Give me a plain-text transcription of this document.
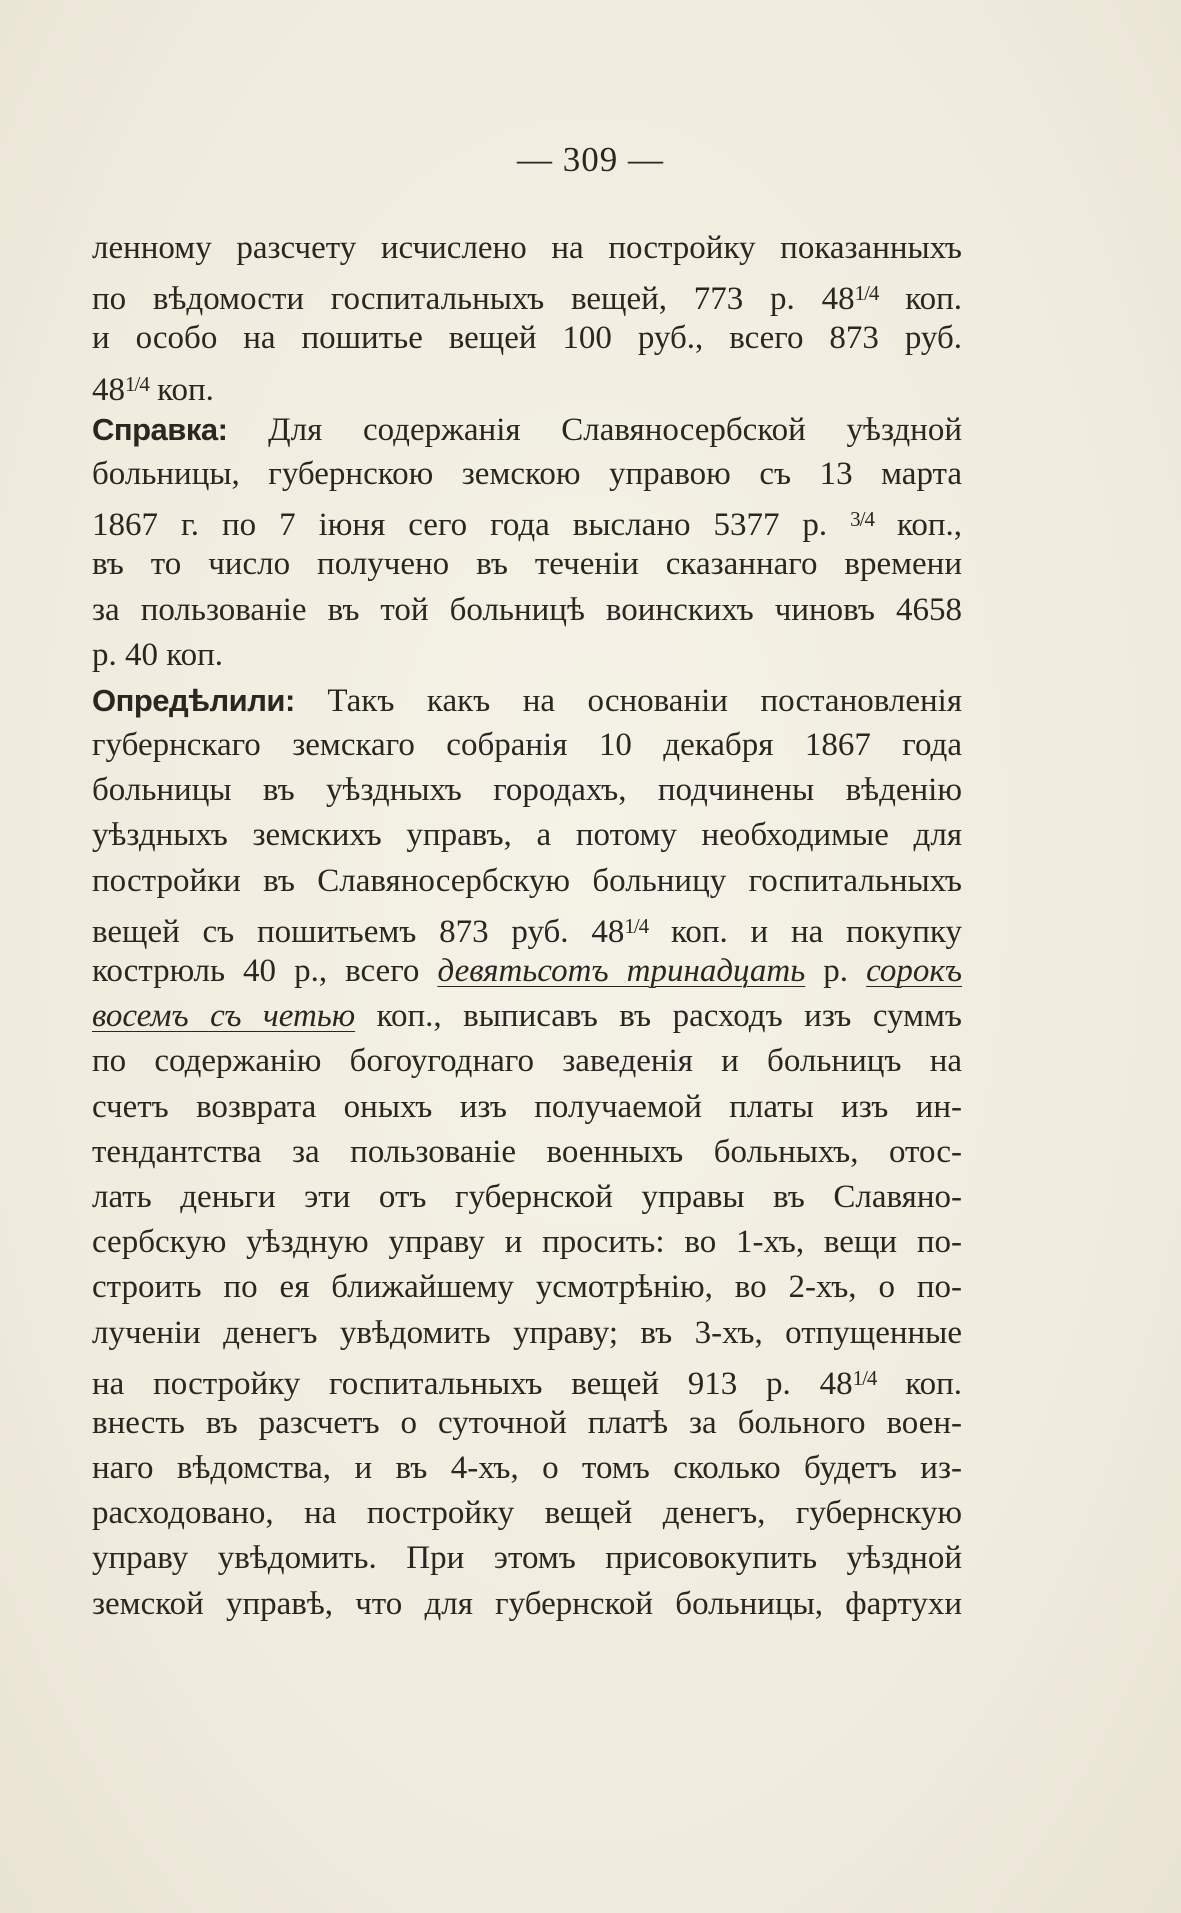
— 309 —
ленному разсчету исчислено на постройку показанныхъ
по вѣдомости госпитальныхъ вещей, 773 р. $48^{1/4}$ коп.
и особо на пошитье вещей 100 руб., всего 873 руб.
$48^{1/4}$ коп.
Справка: Для содержанія Славяносербской уѣздной
больницы, губернскою земскою управою съ 13 марта
1867 г. по 7 іюня сего года выслано 5377 р. $^{3/4}$ коп.,
въ то число получено въ теченіи сказаннаго времени
за пользованіе въ той больницѣ воинскихъ чиновъ 4658
р. 40 коп.
Опредѣлили: Такъ какъ на основаніи постановленія
губернскаго земскаго собранія 10 декабря 1867 года
больницы въ уѣздныхъ городахъ, подчинены вѣденію
уѣздныхъ земскихъ управъ, а потому необходимые для
постройки въ Славяносербскую больницу госпитальныхъ
вещей съ пошитьемъ 873 руб. $48^{1/4}$ коп. и на покупку
кострюль 40 р., всего девятьсотъ тринадцать р. сорокъ
восемъ съ четью коп., выписавъ въ расходъ изъ суммъ
по содержанію богоугоднаго заведенія и больницъ на
счетъ возврата оныхъ изъ получаемой платы изъ ин-
тендантства за пользованіе военныхъ больныхъ, отос-
лать деньги эти отъ губернской управы въ Славяно-
сербскую уѣздную управу и просить: во 1-хъ, вещи по-
строить по ея ближайшему усмотрѣнію, во 2-хъ, о по-
лученіи денегъ увѣдомить управу; въ 3-хъ, отпущенные
на постройку госпитальныхъ вещей 913 р. $48^{1/4}$ коп.
внесть въ разсчетъ о суточной платѣ за больного воен-
наго вѣдомства, и въ 4-хъ, о томъ сколько будетъ из-
расходовано, на постройку вещей денегъ, губернскую
управу увѣдомить. При этомъ присовокупить уѣздной
земской управѣ, что для губернской больницы, фартухи
